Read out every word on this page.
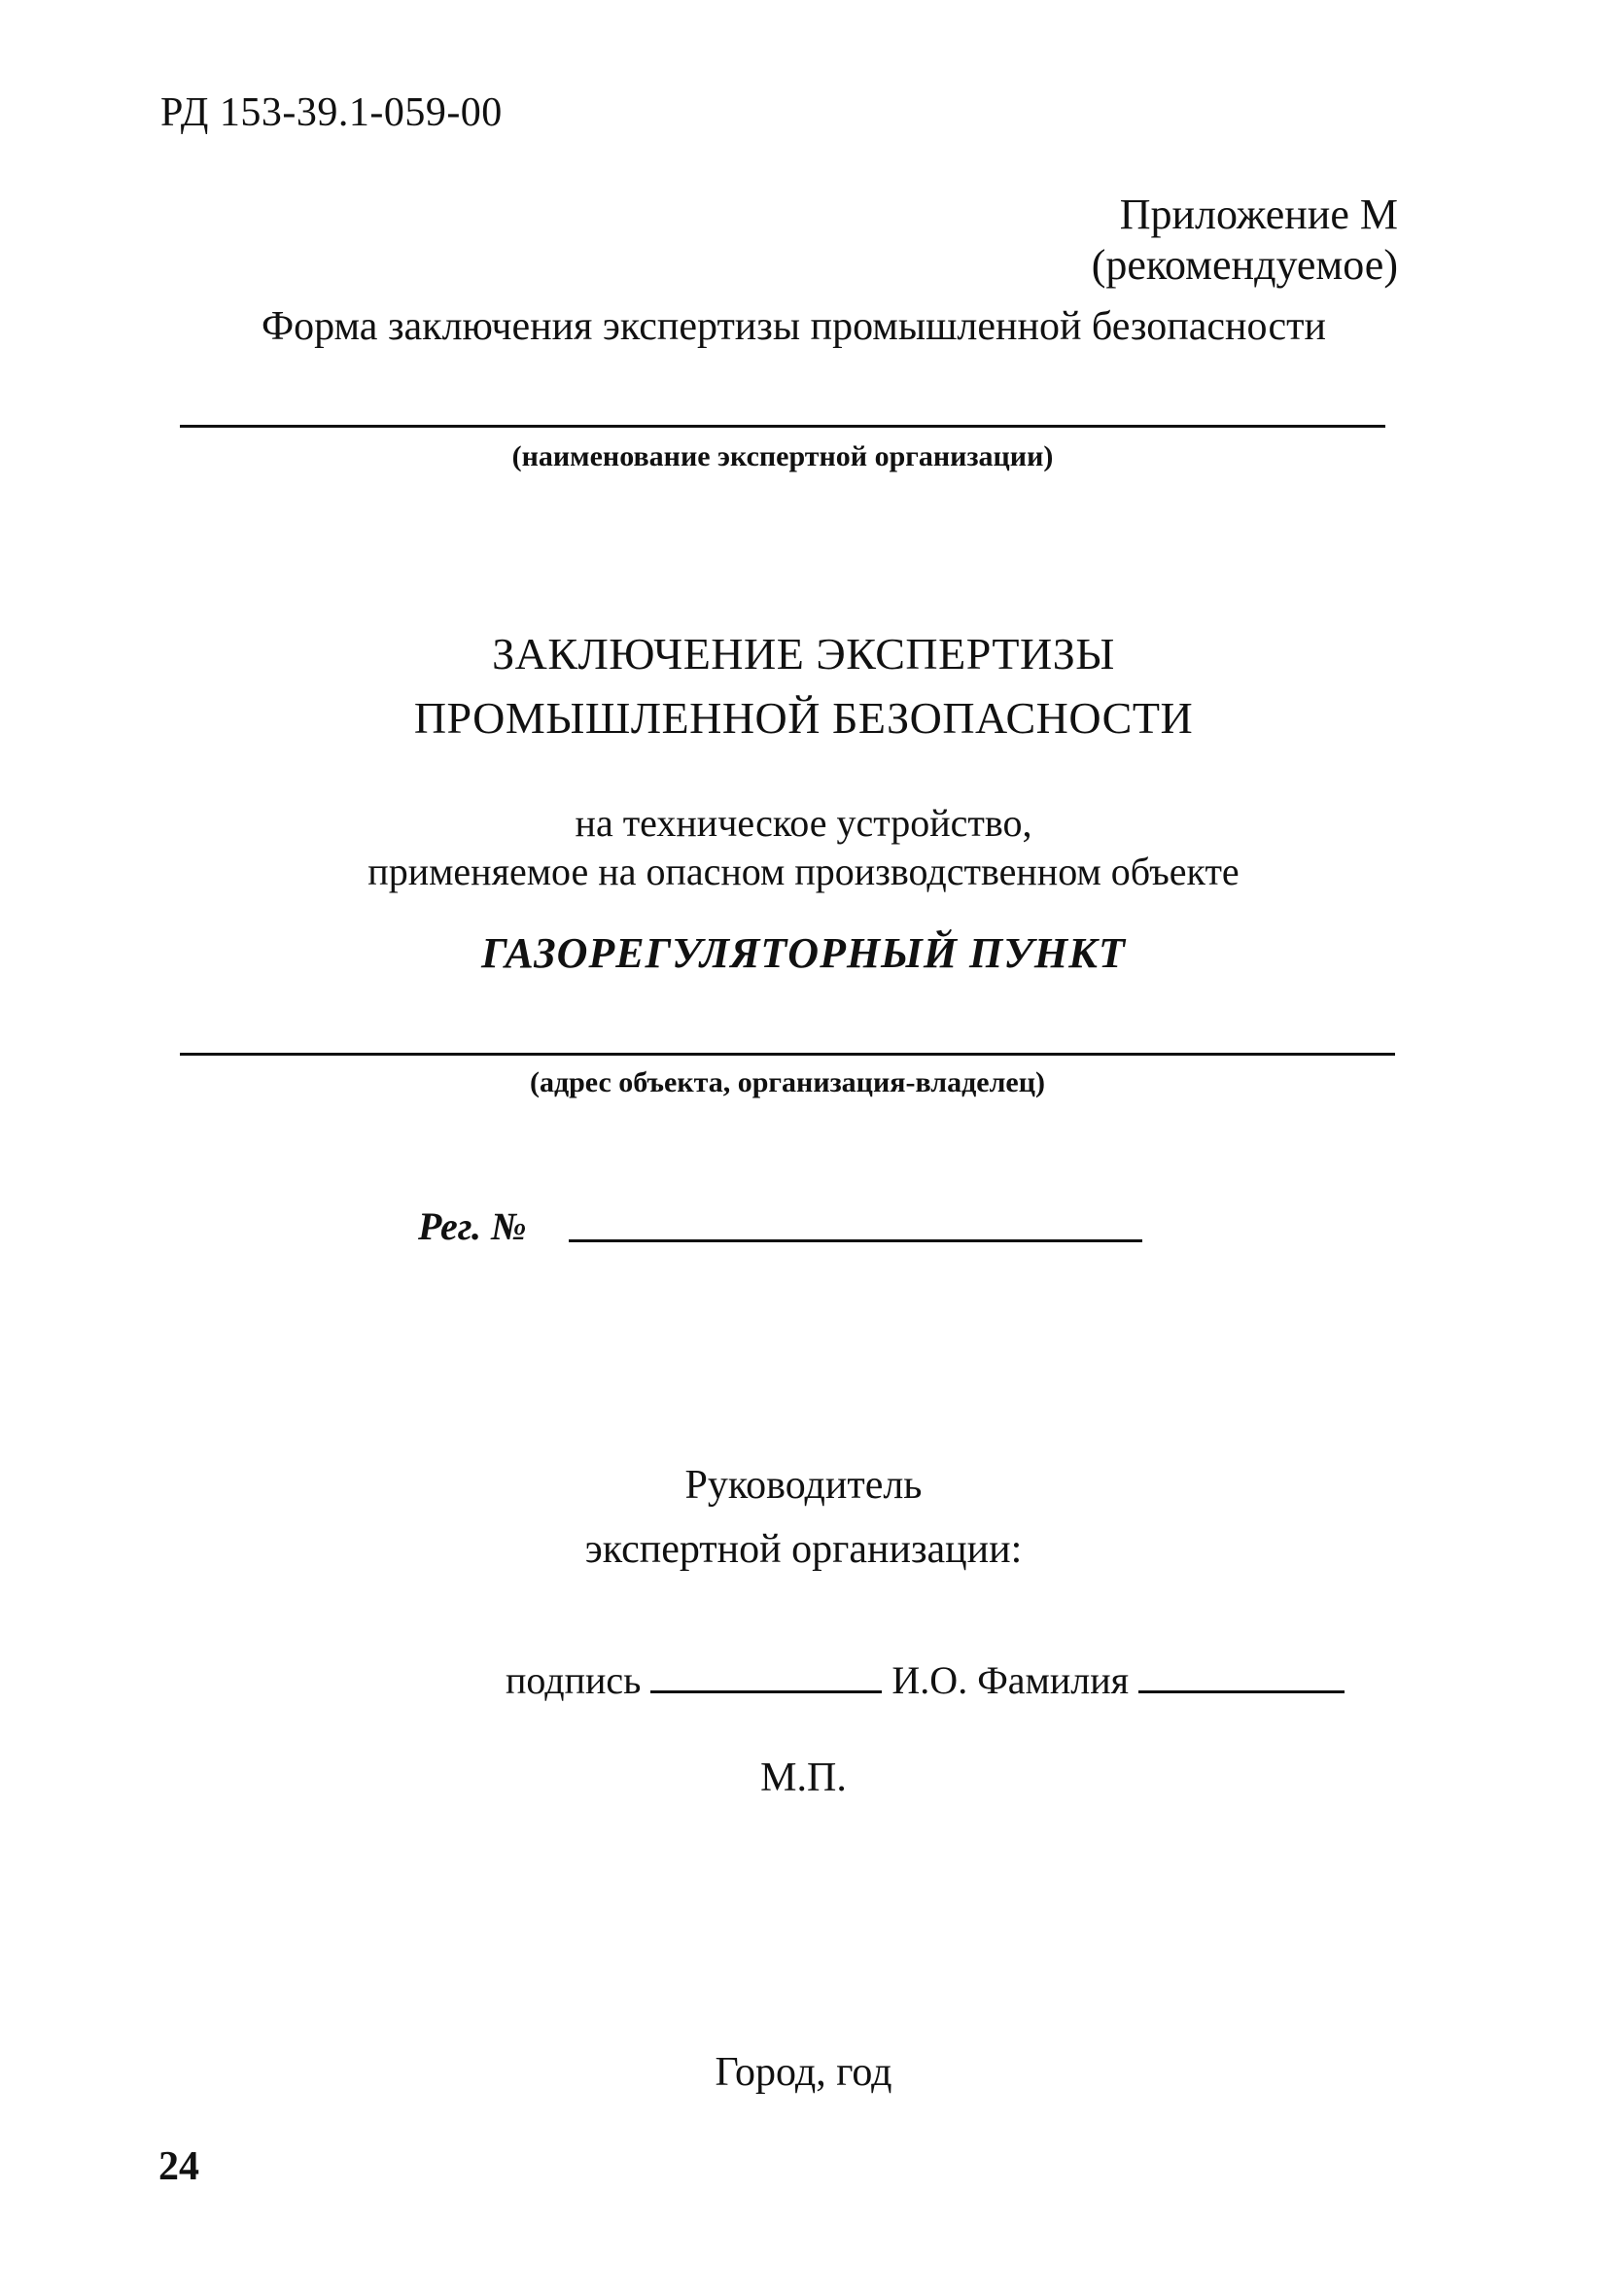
РД 153-39.1-059-00
Приложение М
(рекомендуемое)
Форма заключения экспертизы промышленной безопасности
(наименование экспертной организации)
ЗАКЛЮЧЕНИЕ ЭКСПЕРТИЗЫ
ПРОМЫШЛЕННОЙ БЕЗОПАСНОСТИ
на техническое устройство,
применяемое на опасном производственном объекте
ГАЗОРЕГУЛЯТОРНЫЙ ПУНКТ
(адрес объекта, организация-владелец)
Рег. №
Руководитель
экспертной организации:
подпись	И.О. Фамилия
М.П.
Город, год
24
